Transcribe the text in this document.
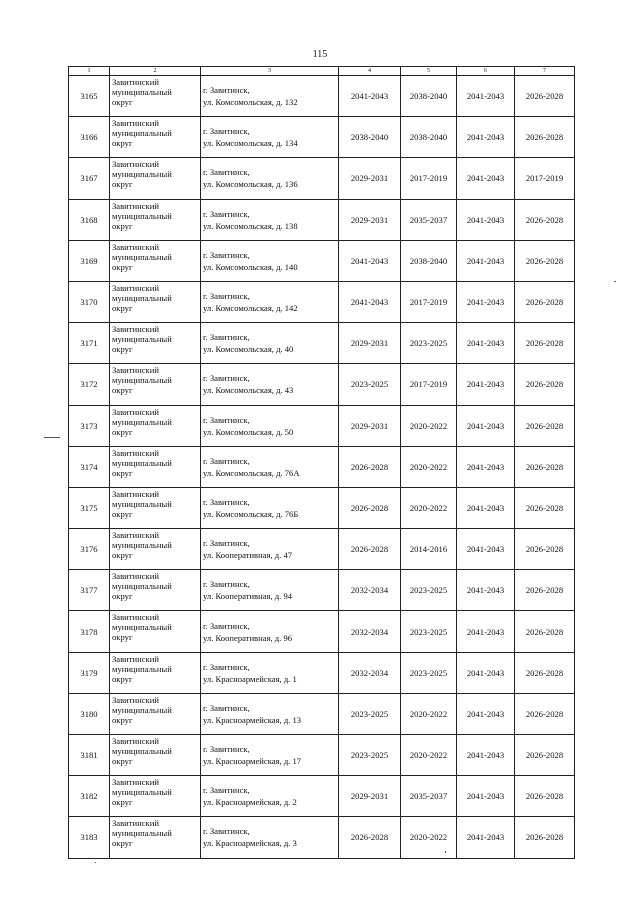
115
1	2	3	4	5	6	7
3165	Завитинский
муниципальный
округ	г. Завитинск,
ул. Комсомольская, д. 132	2041-2043	2038-2040	2041-2043	2026-2028
3166	Завитинский
муниципальный
округ	г. Завитинск,
ул. Комсомольская, д. 134	2038-2040	2038-2040	2041-2043	2026-2028
3167	Завитинский
муниципальный
округ	г. Завитинск,
ул. Комсомольская, д. 136	2029-2031	2017-2019	2041-2043	2017-2019
3168	Завитинский
муниципальный
округ	г. Завитинск,
ул. Комсомольская, д. 138	2029-2031	2035-2037	2041-2043	2026-2028
3169	Завитинский
муниципальный
округ	г. Завитинск,
ул. Комсомольская, д. 140	2041-2043	2038-2040	2041-2043	2026-2028
3170	Завитинский
муниципальный
округ	г. Завитинск,
ул. Комсомольская, д. 142	2041-2043	2017-2019	2041-2043	2026-2028
3171	Завитинский
муниципальный
округ	г. Завитинск,
ул. Комсомольская, д. 40	2029-2031	2023-2025	2041-2043	2026-2028
3172	Завитинский
муниципальный
округ	г. Завитинск,
ул. Комсомольская, д. 43	2023-2025	2017-2019	2041-2043	2026-2028
3173	Завитинский
муниципальный
округ	г. Завитинск,
ул. Комсомольская, д. 50	2029-2031	2020-2022	2041-2043	2026-2028
3174	Завитинский
муниципальный
округ	г. Завитинск,
ул. Комсомольская, д. 76А	2026-2028	2020-2022	2041-2043	2026-2028
3175	Завитинский
муниципальный
округ	г. Завитинск,
ул. Комсомольская, д. 76Б	2026-2028	2020-2022	2041-2043	2026-2028
3176	Завитинский
муниципальный
округ	г. Завитинск,
ул. Кооперативная, д. 47	2026-2028	2014-2016	2041-2043	2026-2028
3177	Завитинский
муниципальный
округ	г. Завитинск,
ул. Кооперативная, д. 94	2032-2034	2023-2025	2041-2043	2026-2028
3178	Завитинский
муниципальный
округ	г. Завитинск,
ул. Кооперативная, д. 96	2032-2034	2023-2025	2041-2043	2026-2028
3179	Завитинский
муниципальный
округ	г. Завитинск,
ул. Красноармейская, д. 1	2032-2034	2023-2025	2041-2043	2026-2028
3180	Завитинский
муниципальный
округ	г. Завитинск,
ул. Красноармейская, д. 13	2023-2025	2020-2022	2041-2043	2026-2028
3181	Завитинский
муниципальный
округ	г. Завитинск,
ул. Красноармейская, д. 17	2023-2025	2020-2022	2041-2043	2026-2028
3182	Завитинский
муниципальный
округ	г. Завитинск,
ул. Красноармейская, д. 2	2029-2031	2035-2037	2041-2043	2026-2028
3183	Завитинский
муниципальный
округ	г. Завитинск,
ул. Красноармейская, д. 3	2026-2028	2020-2022	2041-2043	2026-2028
